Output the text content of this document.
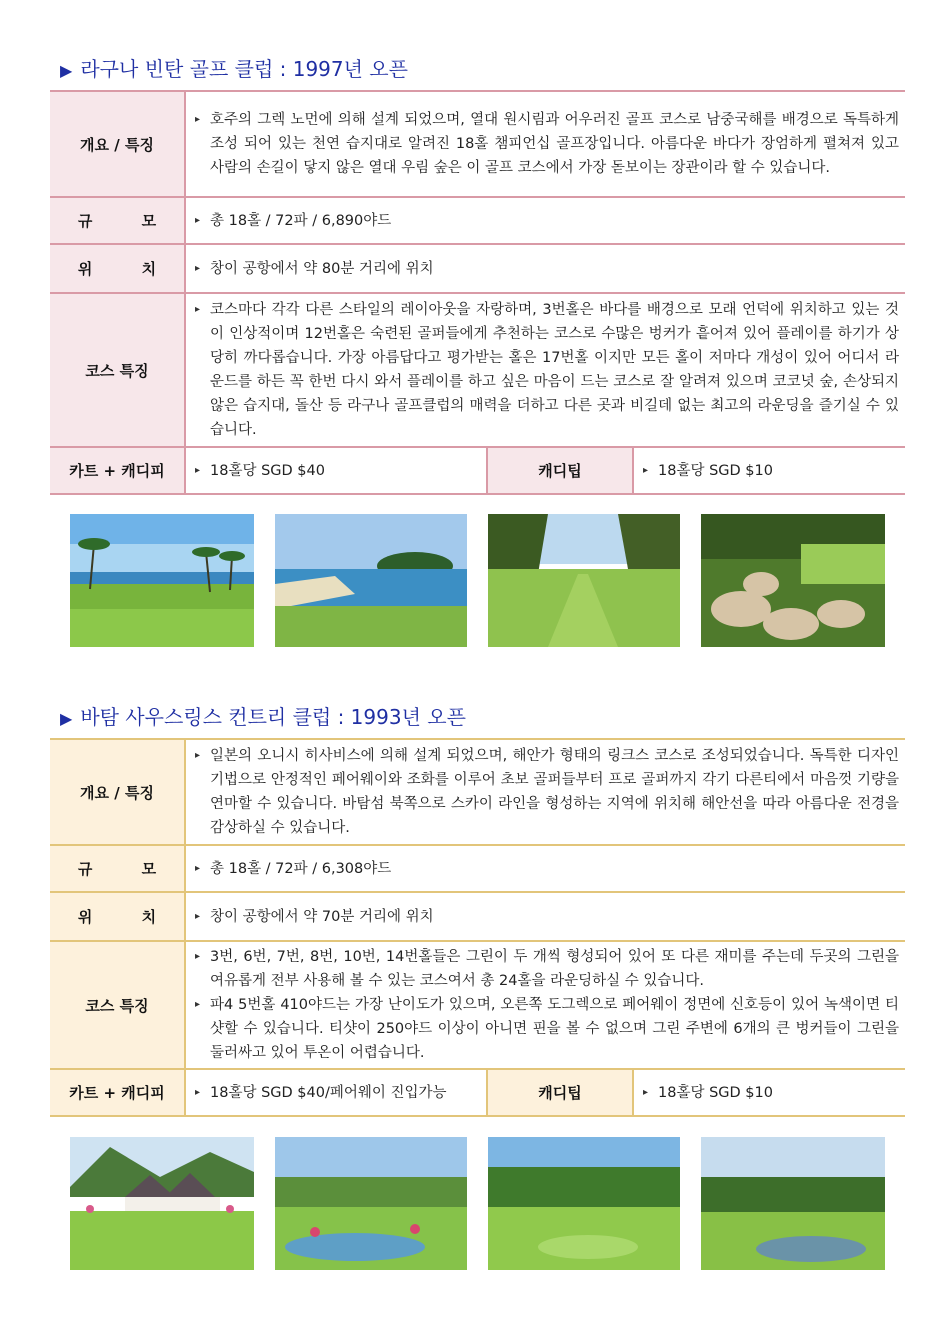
▶ 라구나 빈탄 골프 클럽 : 1997년 오픈
개요 / 특징	▸ 호주의 그렉 노먼에 의해 설계 되었으며, 열대 원시림과 어우러진 골프 코스로 남중국해를 배경으로 독특하게 조성 되어 있는 천연 습지대로 알려진 18홀 챔피언십 골프장입니다. 아름다운 바다가 장엄하게 펼쳐져 있고 사람의 손길이 닿지 않은 열대 우림 숲은 이 골프 코스에서 가장 돋보이는 장관이라 할 수 있습니다.

규 모	▸ 총 18홀 / 72파 / 6,890야드

위 치	▸ 창이 공항에서 약 80분 거리에 위치

코스 특징	▸ 코스마다 각각 다른 스타일의 레이아웃을 자랑하며, 3번홀은 바다를 배경으로 모래 언덕에 위치하고 있는 것이 인상적이며 12번홀은 숙련된 골퍼들에게 추천하는 코스로 수많은 벙커가 흩어져 있어 플레이를 하기가 상당히 까다롭습니다. 가장 아름답다고 평가받는 홀은 17번홀 이지만 모든 홀이 저마다 개성이 있어 어디서 라운드를 하든 꼭 한번 다시 와서 플레이를 하고 싶은 마음이 드는 코스로 잘 알려져 있으며 코코넛 숲, 손상되지 않은 습지대, 돌산 등 라구나 골프클럽의 매력을 더하고 다른 곳과 비길데 없는 최고의 라운딩을 즐기실 수 있습니다.

카트 + 캐디피	▸ 18홀당 SGD $40	캐디팁	▸ 18홀당 SGD $10
▶ 바탐 사우스링스 컨트리 클럽 : 1993년 오픈
개요 / 특징	▸ 일본의 오니시 히사비스에 의해 설계 되었으며, 해안가 형태의 링크스 코스로 조성되었습니다. 독특한 디자인 기법으로 안정적인 페어웨이와 조화를 이루어 초보 골퍼들부터 프로 골퍼까지 각기 다른티에서 마음껏 기량을 연마할 수 있습니다. 바탐섬 북쪽으로 스카이 라인을 형성하는 지역에 위치해 해안선을 따라 아름다운 전경을 감상하실 수 있습니다.

규 모	▸ 총 18홀 / 72파 / 6,308야드

위 치	▸ 창이 공항에서 약 70분 거리에 위치

코스 특징	▸ 3번, 6번, 7번, 8번, 10번, 14번홀들은 그린이 두 개씩 형성되어 있어 또 다른 재미를 주는데 두곳의 그린을 여유롭게 전부 사용해 볼 수 있는 코스여서 총 24홀을 라운딩하실 수 있습니다.
▸ 파4 5번홀 410야드는 가장 난이도가 있으며, 오른쪽 도그렉으로 페어웨이 정면에 신호등이 있어 녹색이면 티샷할 수 있습니다. 티샷이 250야드 이상이 아니면 핀을 볼 수 없으며 그린 주변에 6개의 큰 벙커들이 그린을 둘러싸고 있어 투온이 어렵습니다.

카트 + 캐디피	▸ 18홀당 SGD $40/페어웨이 진입가능	캐디팁	▸ 18홀당 SGD $10
